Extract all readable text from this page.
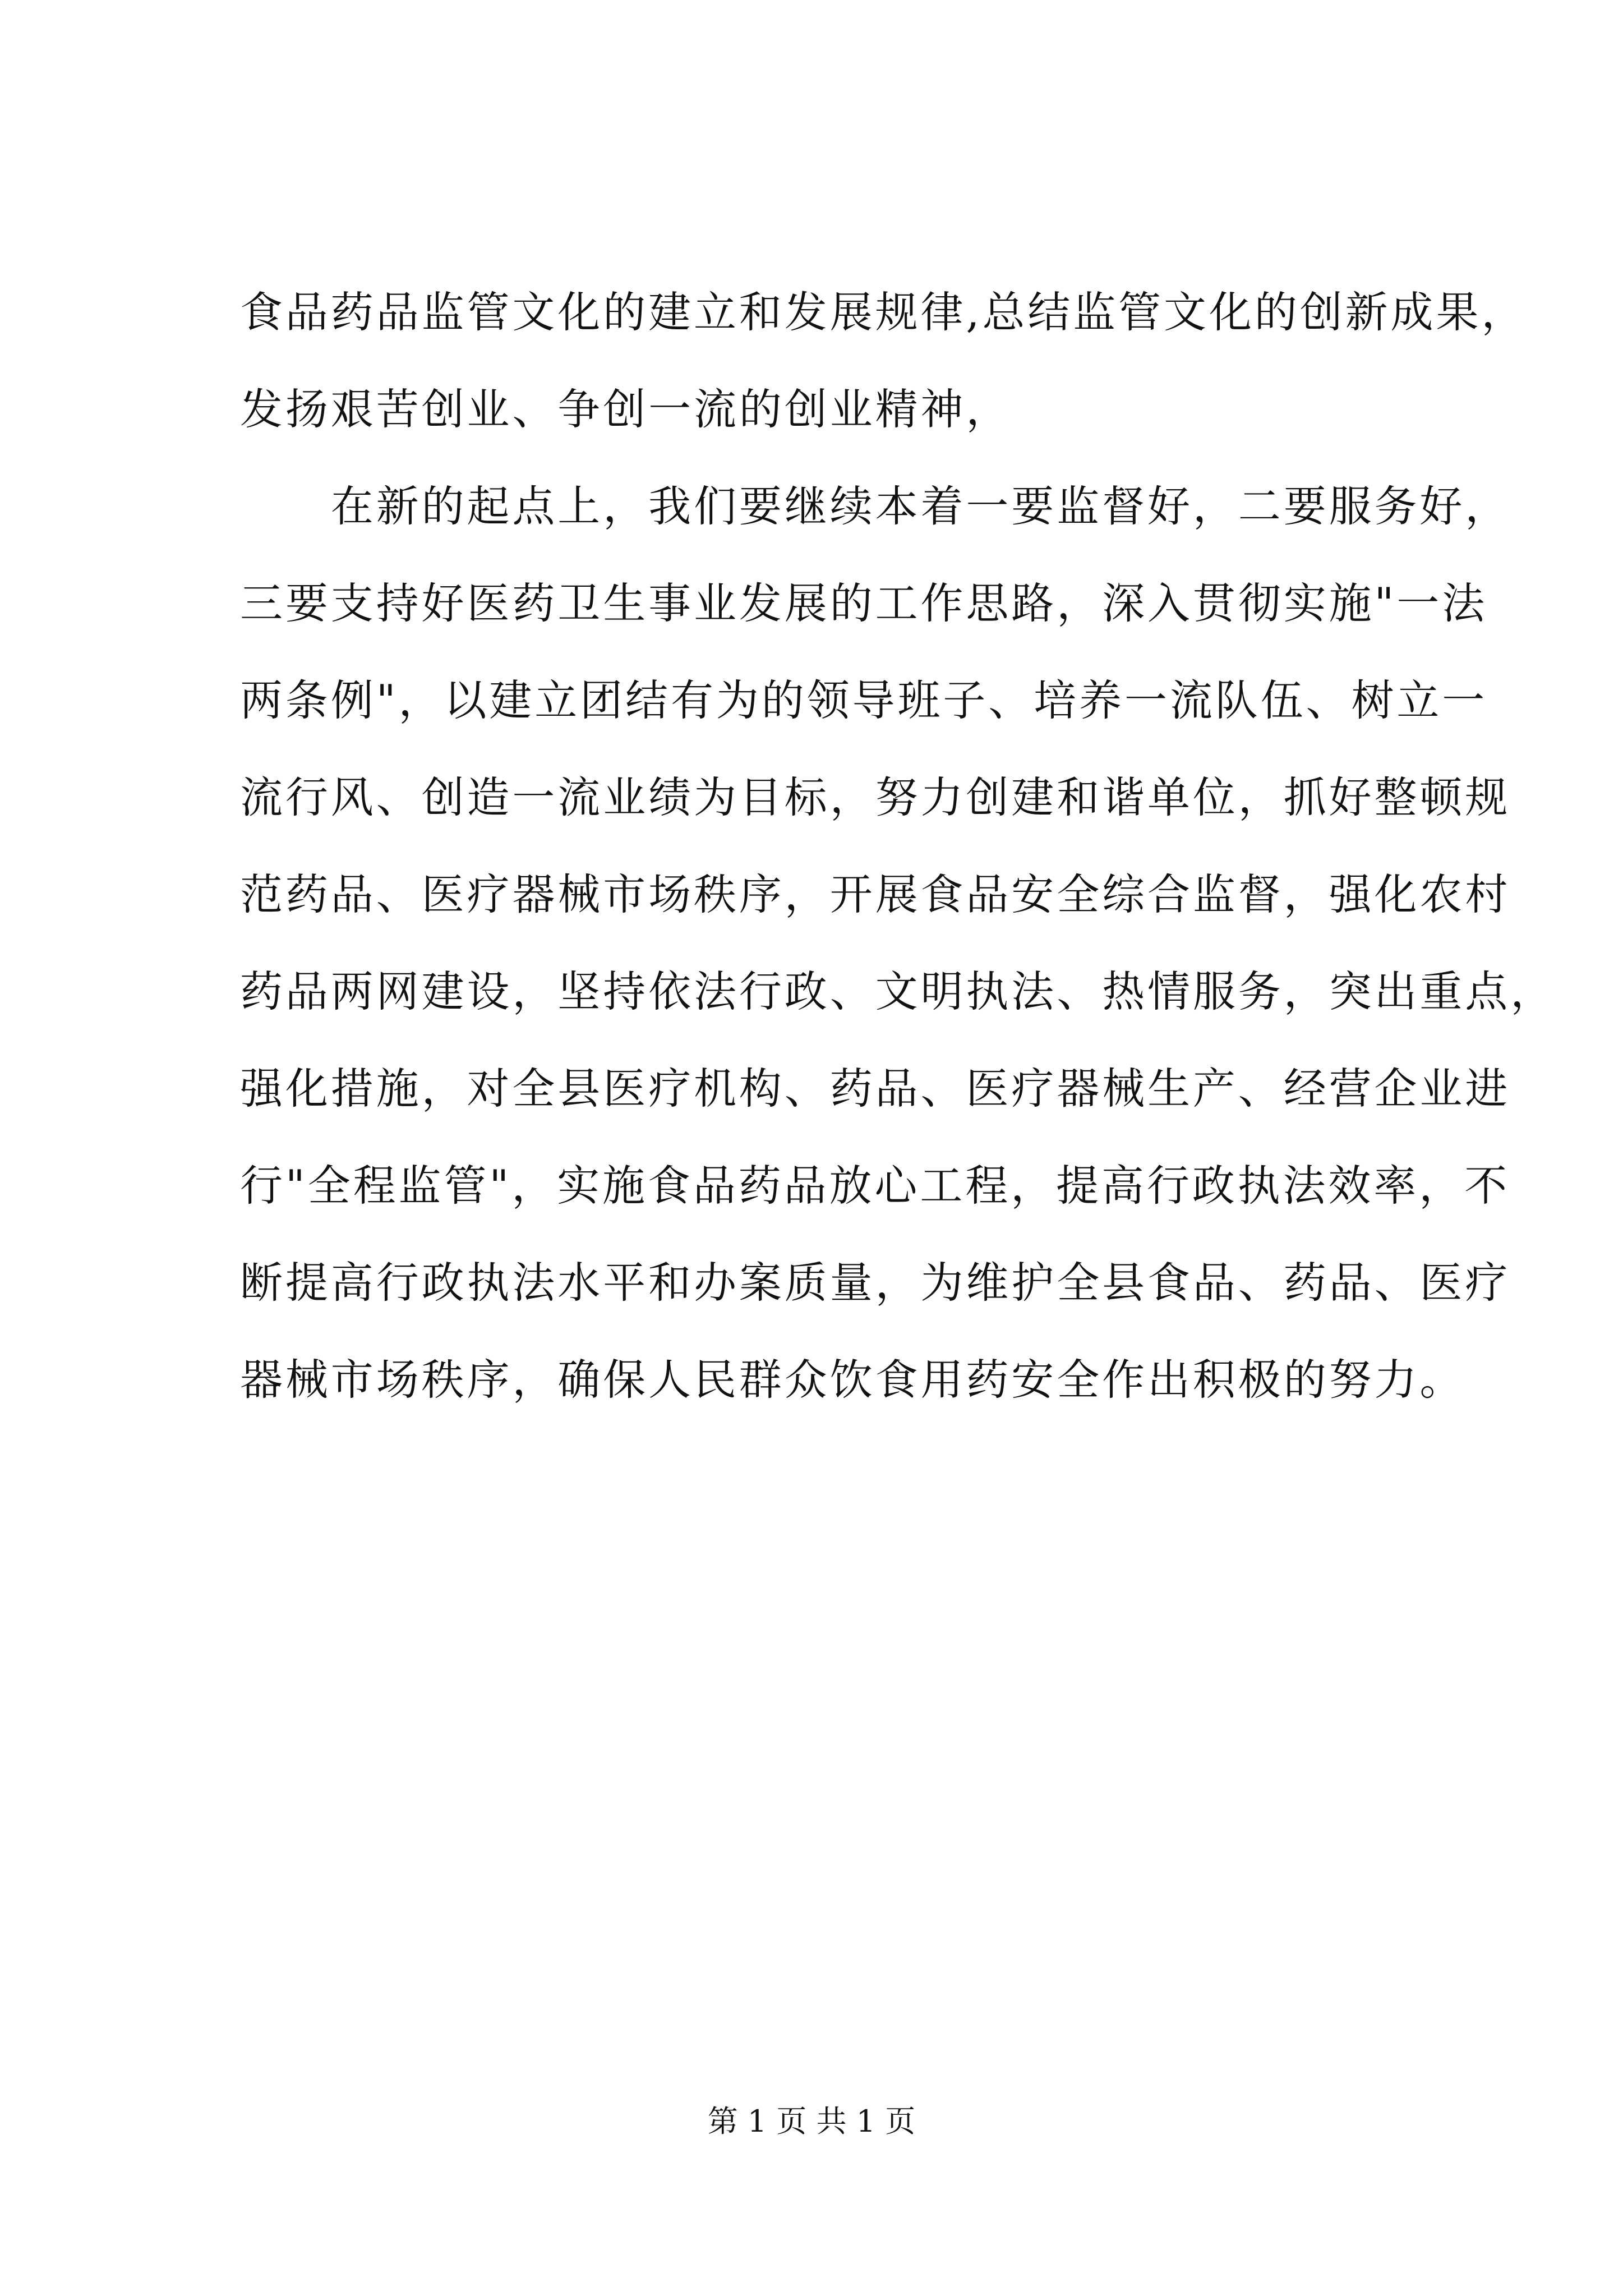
食品药品监管文化的建立和发展规律,总结监管文化的创新成果，
发扬艰苦创业、争创一流的创业精神，
　　在新的起点上，我们要继续本着一要监督好，二要服务好，
三要支持好医药卫生事业发展的工作思路，深入贯彻实施"一法
两条例"，以建立团结有为的领导班子、培养一流队伍、树立一
流行风、创造一流业绩为目标，努力创建和谐单位，抓好整顿规
范药品、医疗器械市场秩序，开展食品安全综合监督，强化农村
药品两网建设，坚持依法行政、文明执法、热情服务，突出重点，
强化措施，对全县医疗机构、药品、医疗器械生产、经营企业进
行"全程监管"，实施食品药品放心工程，提高行政执法效率，不
断提高行政执法水平和办案质量，为维护全县食品、药品、医疗
器械市场秩序，确保人民群众饮食用药安全作出积极的努力。
第 1 页 共 1 页
